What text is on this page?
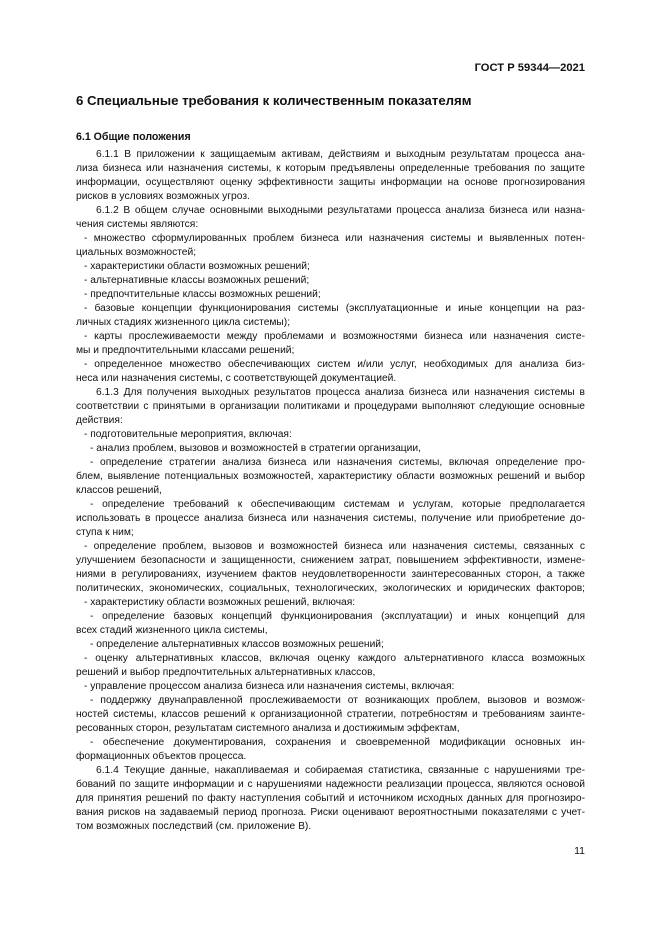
ГОСТ Р 59344—2021
6 Специальные требования к количественным показателям
6.1 Общие положения
6.1.1 В приложении к защищаемым активам, действиям и выходным результатам процесса ана-
лиза бизнеса или назначения системы, к которым предъявлены определенные требования по защите
информации, осуществляют оценку эффективности защиты информации на основе прогнозирования
рисков в условиях возможных угроз.
6.1.2 В общем случае основными выходными результатами процесса анализа бизнеса или назна-
чения системы являются:
- множество сформулированных проблем бизнеса или назначения системы и выявленных потен-
циальных возможностей;
- характеристики области возможных решений;
- альтернативные классы возможных решений;
- предпочтительные классы возможных решений;
- базовые концепции функционирования системы (эксплуатационные и иные концепции на раз-
личных стадиях жизненного цикла системы);
- карты прослеживаемости между проблемами и возможностями бизнеса или назначения систе-
мы и предпочтительными классами решений;
- определенное множество обеспечивающих систем и/или услуг, необходимых для анализа биз-
неса или назначения системы, с соответствующей документацией.
6.1.3 Для получения выходных результатов процесса анализа бизнеса или назначения системы в
соответствии с принятыми в организации политиками и процедурами выполняют следующие основные
действия:
- подготовительные мероприятия, включая:
- анализ проблем, вызовов и возможностей в стратегии организации,
- определение стратегии анализа бизнеса или назначения системы, включая определение про-
блем, выявление потенциальных возможностей, характеристику области возможных решений и выбор
классов решений,
- определение требований к обеспечивающим системам и услугам, которые предполагается
использовать в процессе анализа бизнеса или назначения системы, получение или приобретение до-
ступа к ним;
- определение проблем, вызовов и возможностей бизнеса или назначения системы, связанных с
улучшением безопасности и защищенности, снижением затрат, повышением эффективности, измене-
ниями в регулированиях, изучением фактов неудовлетворенности заинтересованных сторон, а также
политических, экономических, социальных, технологических, экологических и юридических факторов;
- характеристику области возможных решений, включая:
- определение базовых концепций функционирования (эксплуатации) и иных концепций для
всех стадий жизненного цикла системы,
- определение альтернативных классов возможных решений;
- оценку альтернативных классов, включая оценку каждого альтернативного класса возможных
решений и выбор предпочтительных альтернативных классов,
- управление процессом анализа бизнеса или назначения системы, включая:
- поддержку двунаправленной прослеживаемости от возникающих проблем, вызовов и возмож-
ностей системы, классов решений к организационной стратегии, потребностям и требованиям заинте-
ресованных сторон, результатам системного анализа и достижимым эффектам,
- обеспечение документирования, сохранения и своевременной модификации основных ин-
формационных объектов процесса.
6.1.4 Текущие данные, накапливаемая и собираемая статистика, связанные с нарушениями тре-
бований по защите информации и с нарушениями надежности реализации процесса, являются основой
для принятия решений по факту наступления событий и источником исходных данных для прогнозиро-
вания рисков на задаваемый период прогноза. Риски оценивают вероятностными показателями с учет-
том возможных последствий (см. приложение В).
11
